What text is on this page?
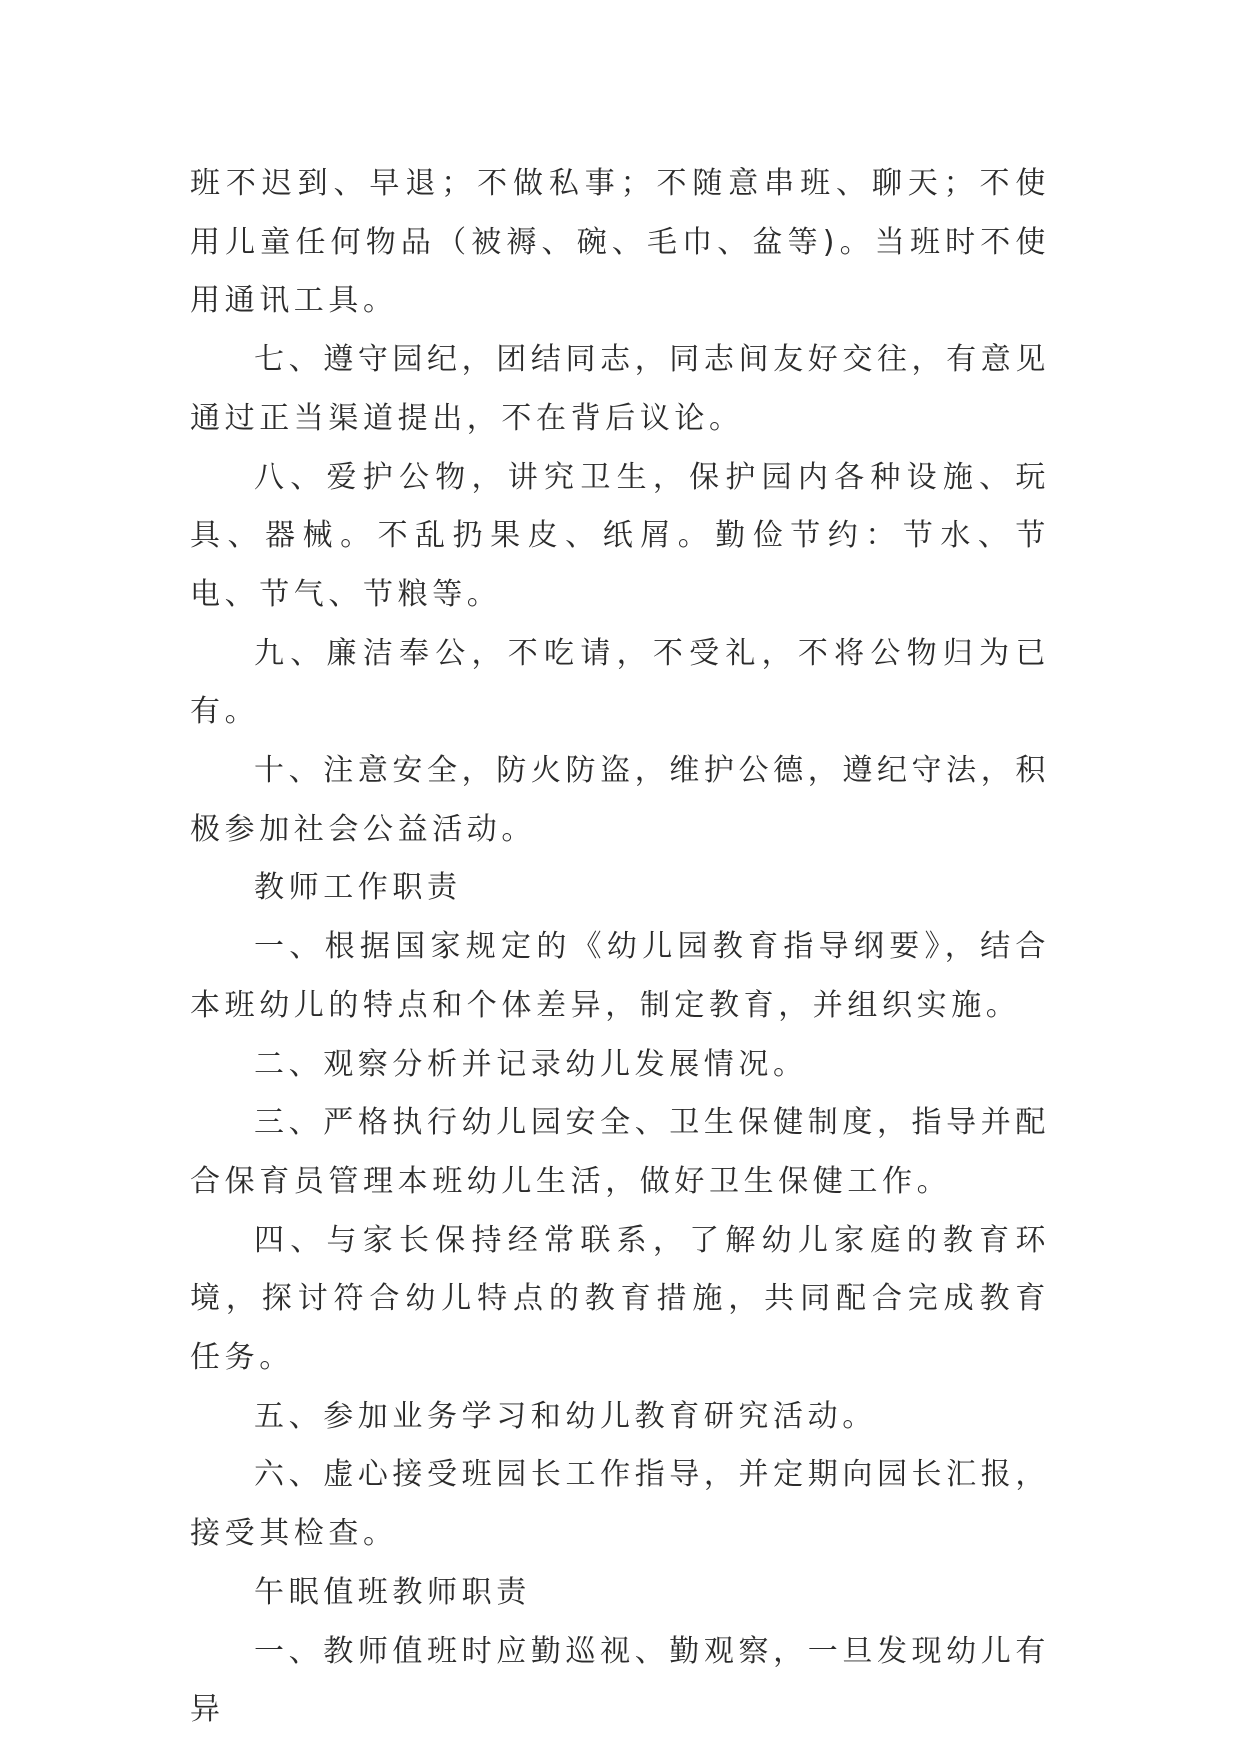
班不迟到、早退；不做私事；不随意串班、聊天；不使用儿童任何物品（被褥、碗、毛巾、盆等)。当班时不使用通讯工具。

七、遵守园纪，团结同志，同志间友好交往，有意见通过正当渠道提出，不在背后议论。

八、爱护公物，讲究卫生，保护园内各种设施、玩具、器械。不乱扔果皮、纸屑。勤俭节约：节水、节电、节气、节粮等。

九、廉洁奉公，不吃请，不受礼，不将公物归为已有。

十、注意安全，防火防盗，维护公德，遵纪守法，积极参加社会公益活动。

教师工作职责

一、根据国家规定的《幼儿园教育指导纲要》，结合本班幼儿的特点和个体差异，制定教育，并组织实施。

二、观察分析并记录幼儿发展情况。

三、严格执行幼儿园安全、卫生保健制度，指导并配合保育员管理本班幼儿生活，做好卫生保健工作。

四、与家长保持经常联系，了解幼儿家庭的教育环境，探讨符合幼儿特点的教育措施，共同配合完成教育任务。

五、参加业务学习和幼儿教育研究活动。

六、虚心接受班园长工作指导，并定期向园长汇报，接受其检查。

午眠值班教师职责

一、教师值班时应勤巡视、勤观察，一旦发现幼儿有异
